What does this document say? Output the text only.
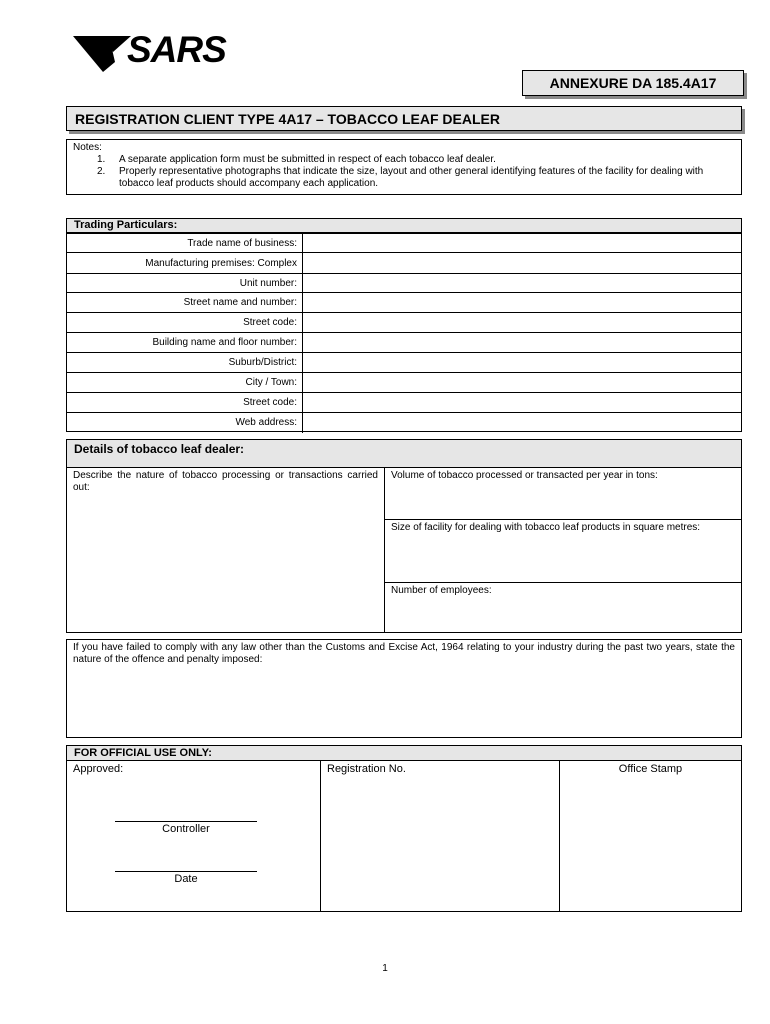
SARS
ANNEXURE DA 185.4A17
REGISTRATION CLIENT TYPE 4A17 – TOBACCO LEAF DEALER
Notes:
1. A separate application form must be submitted in respect of each tobacco leaf dealer.
2. Properly representative photographs that indicate the size, layout and other general identifying features of the facility for dealing with tobacco leaf products should accompany each application.
Trading Particulars:
Trade name of business:	
Manufacturing premises: Complex	
Unit number:	
Street name and number:	
Street code:	
Building name and floor number:	
Suburb/District:	
City / Town:	
Street code:	
Web address:	
Details of tobacco leaf dealer:
Describe the nature of tobacco processing or transactions carried out:
Volume of tobacco processed or transacted per year in tons:
Size of facility for dealing with tobacco leaf products in square metres:
Number of employees:
If you have failed to comply with any law other than the Customs and Excise Act, 1964 relating to your industry during the past two years, state the nature of the offence and penalty imposed:
FOR OFFICIAL USE ONLY:
Approved:
Controller
Date
Registration No.	Office Stamp
1
